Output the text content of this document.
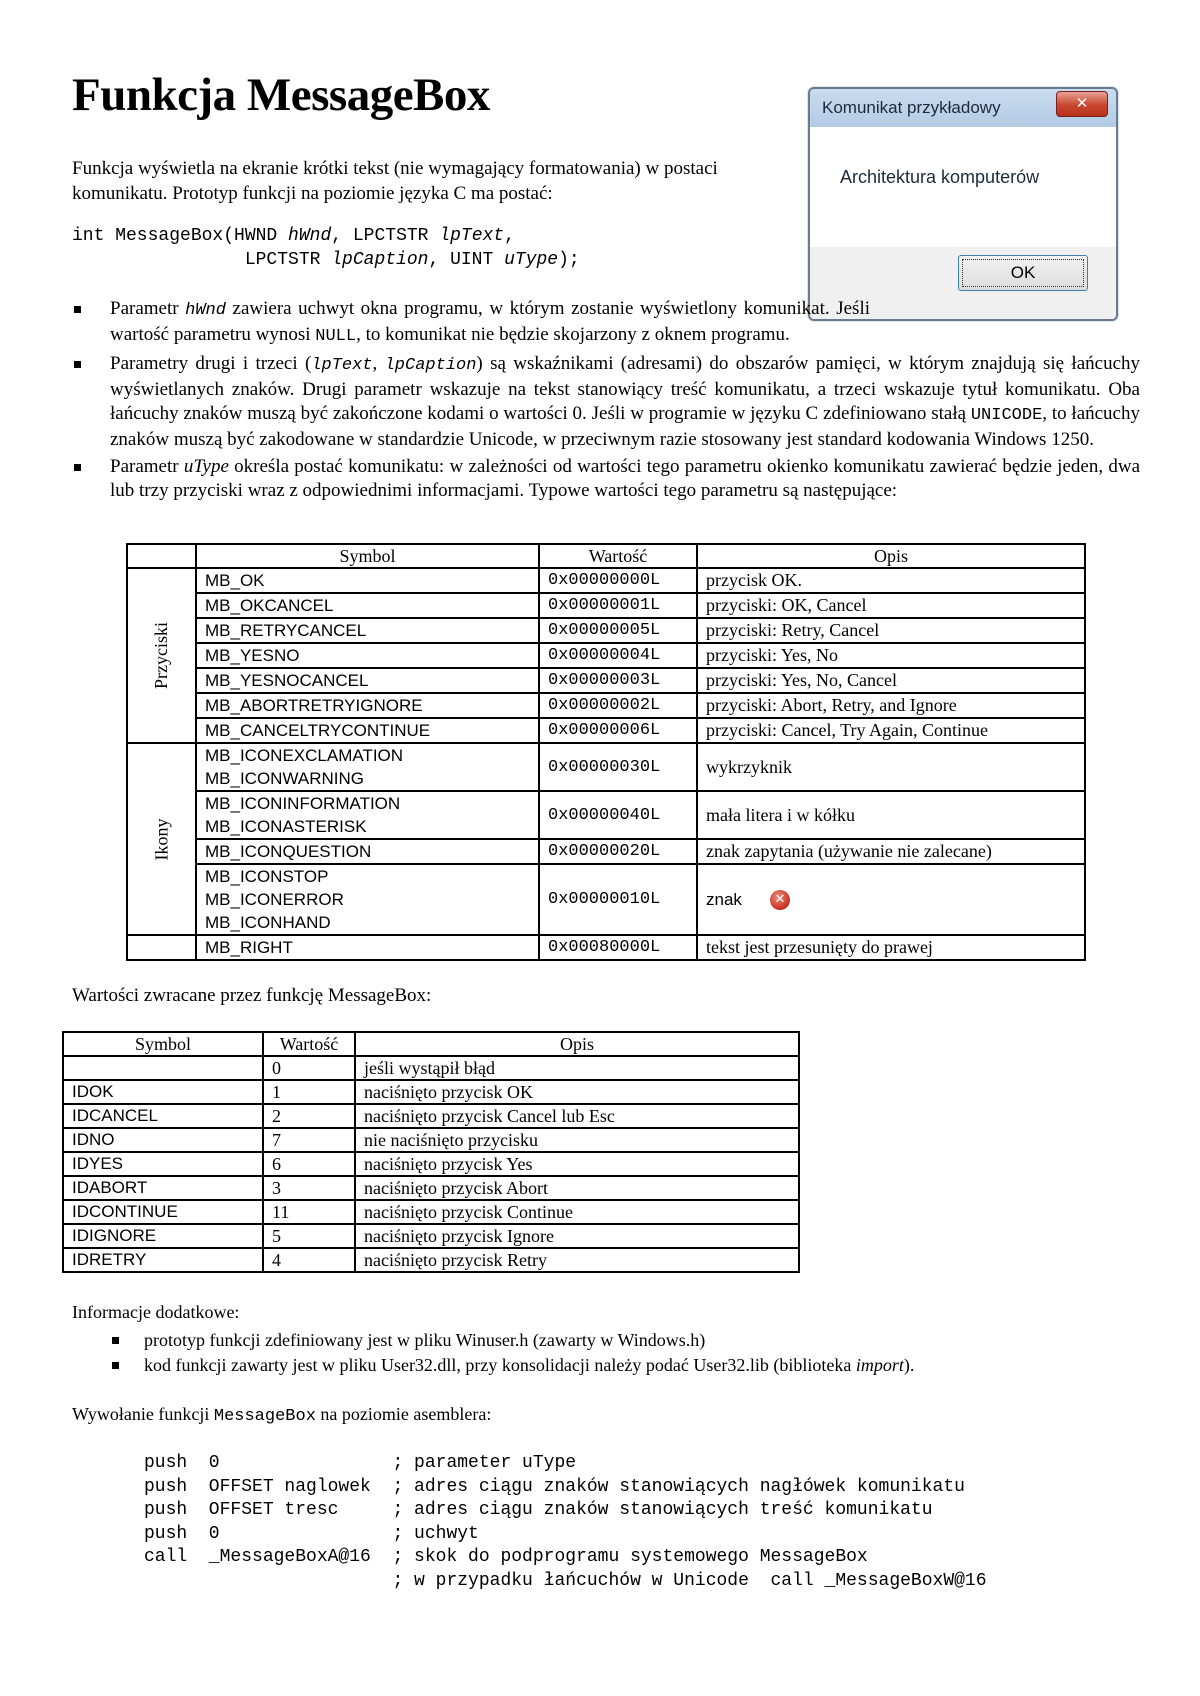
Funkcja MessageBox

Funkcja wyświetla na ekranie krótki tekst (nie wymagający formatowania) w postaci
komunikatu. Prototyp funkcji na poziomie języka C ma postać:

int MessageBox(HWND hWnd, LPCTSTR lpText,
LPCTSTR lpCaption, UINT uType);
Komunikat przykładowy	✕
Architektura komputerów
OK
Parametr hWnd zawiera uchwyt okna programu, w którym zostanie wyświetlony komunikat. Jeśli wartość parametru wynosi NULL, to komunikat nie będzie skojarzony z oknem programu.
Parametry drugi i trzeci (lpText, lpCaption) są wskaźnikami (adresami) do obszarów pamięci, w którym znajdują się łańcuchy wyświetlanych znaków. Drugi parametr wskazuje na tekst stanowiący treść komunikatu, a trzeci wskazuje tytuł komunikatu. Oba łańcuchy znaków muszą być zakończone kodami o wartości 0. Jeśli w programie w języku C zdefiniowano stałą UNICODE, to łańcuchy znaków muszą być zakodowane w standardzie Unicode, w przeciwnym razie stosowany jest standard kodowania Windows 1250.
Parametr uType określa postać komunikatu: w zależności od wartości tego parametru okienko komunikatu zawierać będzie jeden, dwa lub trzy przyciski wraz z odpowiednimi informacjami. Typowe wartości tego parametru są następujące:
	Symbol	Wartość	Opis
Przyciski	MB_OK	0x00000000L	przycisk OK.
	MB_OKCANCEL	0x00000001L	przyciski: OK, Cancel
	MB_RETRYCANCEL	0x00000005L	przyciski: Retry, Cancel
	MB_YESNO	0x00000004L	przyciski: Yes, No
	MB_YESNOCANCEL	0x00000003L	przyciski: Yes, No, Cancel
	MB_ABORTRETRYIGNORE	0x00000002L	przyciski: Abort, Retry, and Ignore
	MB_CANCELTRYCONTINUE	0x00000006L	przyciski: Cancel, Try Again, Continue
Ikony	MB_ICONEXCLAMATION
MB_ICONWARNING	0x00000030L	wykrzyknik
	MB_ICONINFORMATION
MB_ICONASTERISK	0x00000040L	mała litera i w kółku
	MB_ICONQUESTION	0x00000020L	znak zapytania (używanie nie zalecane)
	MB_ICONSTOP
MB_ICONERROR
MB_ICONHAND	0x00000010L	znak ✕
	MB_RIGHT	0x00080000L	tekst jest przesunięty do prawej

Wartości zwracane przez funkcję MessageBox:

Symbol	Wartość	Opis
	0	jeśli wystąpił błąd
IDOK	1	naciśnięto przycisk OK
IDCANCEL	2	naciśnięto przycisk Cancel lub Esc
IDNO	7	nie naciśnięto przycisku
IDYES	6	naciśnięto przycisk Yes
IDABORT	3	naciśnięto przycisk Abort
IDCONTINUE	11	naciśnięto przycisk Continue
IDIGNORE	5	naciśnięto przycisk Ignore
IDRETRY	4	naciśnięto przycisk Retry

Informacje dodatkowe:

prototyp funkcji zdefiniowany jest w pliku Winuser.h (zawarty w Windows.h)
kod funkcji zawarty jest w pliku User32.dll, przy konsolidacji należy podać User32.lib (biblioteka import).

Wywołanie funkcji MessageBox na poziomie asemblera:

push  0                ; parameter uType
push  OFFSET naglowek  ; adres ciągu znaków stanowiących nagłówek komunikatu
push  OFFSET tresc     ; adres ciągu znaków stanowiących treść komunikatu
push  0                ; uchwyt
call  _MessageBoxA@16  ; skok do podprogramu systemowego MessageBox
; w przypadku łańcuchów w Unicode  call _MessageBoxW@16
